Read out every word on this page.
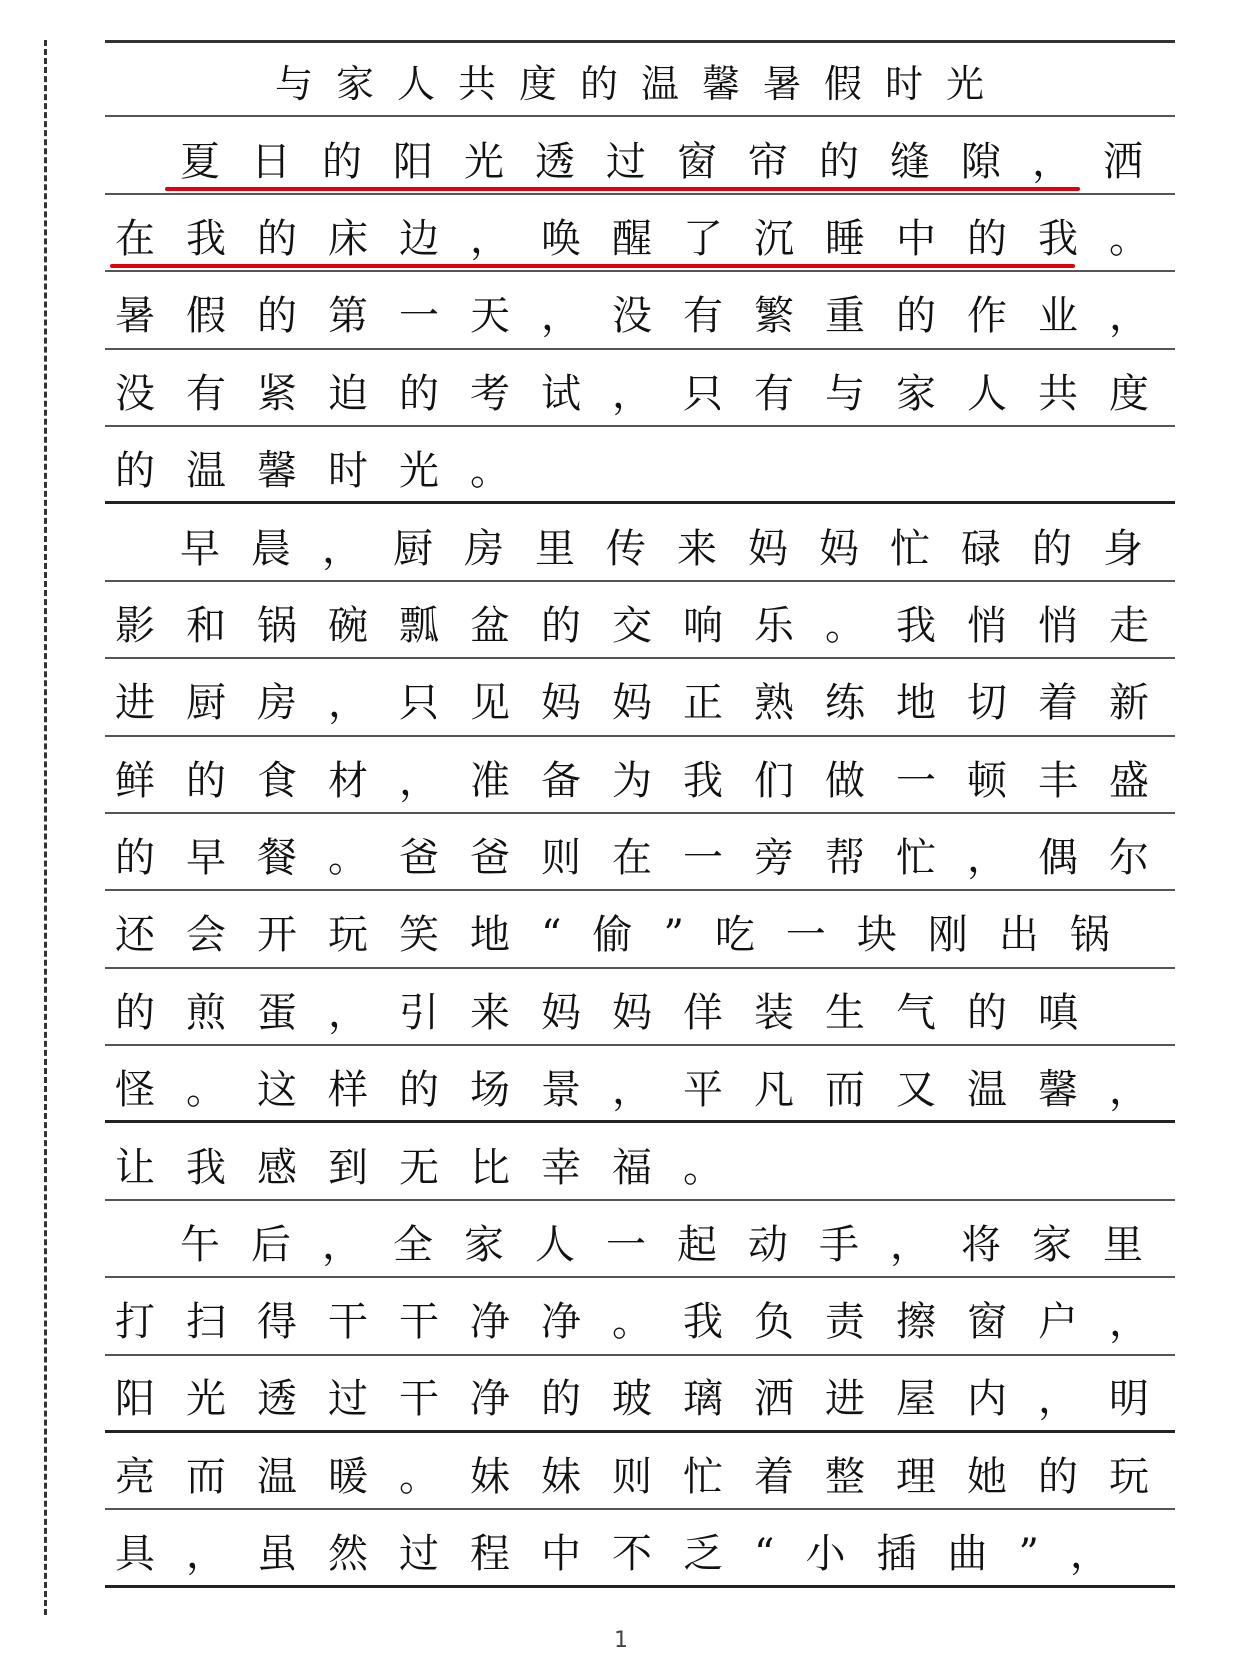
与家人共度的温馨暑假时光
夏日的阳光透过窗帘的缝隙，洒
在我的床边，唤醒了沉睡中的我。
暑假的第一天，没有繁重的作业，
没有紧迫的考试，只有与家人共度
的温馨时光。
早晨，厨房里传来妈妈忙碌的身
影和锅碗瓢盆的交响乐。我悄悄走
进厨房，只见妈妈正熟练地切着新
鲜的食材，准备为我们做一顿丰盛
的早餐。爸爸则在一旁帮忙，偶尔
还会开玩笑地“偷”吃一块刚出锅
的煎蛋，引来妈妈佯装生气的嗔
怪。这样的场景，平凡而又温馨，
让我感到无比幸福。
午后，全家人一起动手，将家里
打扫得干干净净。我负责擦窗户，
阳光透过干净的玻璃洒进屋内，明
亮而温暖。妹妹则忙着整理她的玩
具，虽然过程中不乏“小插曲”，
1
